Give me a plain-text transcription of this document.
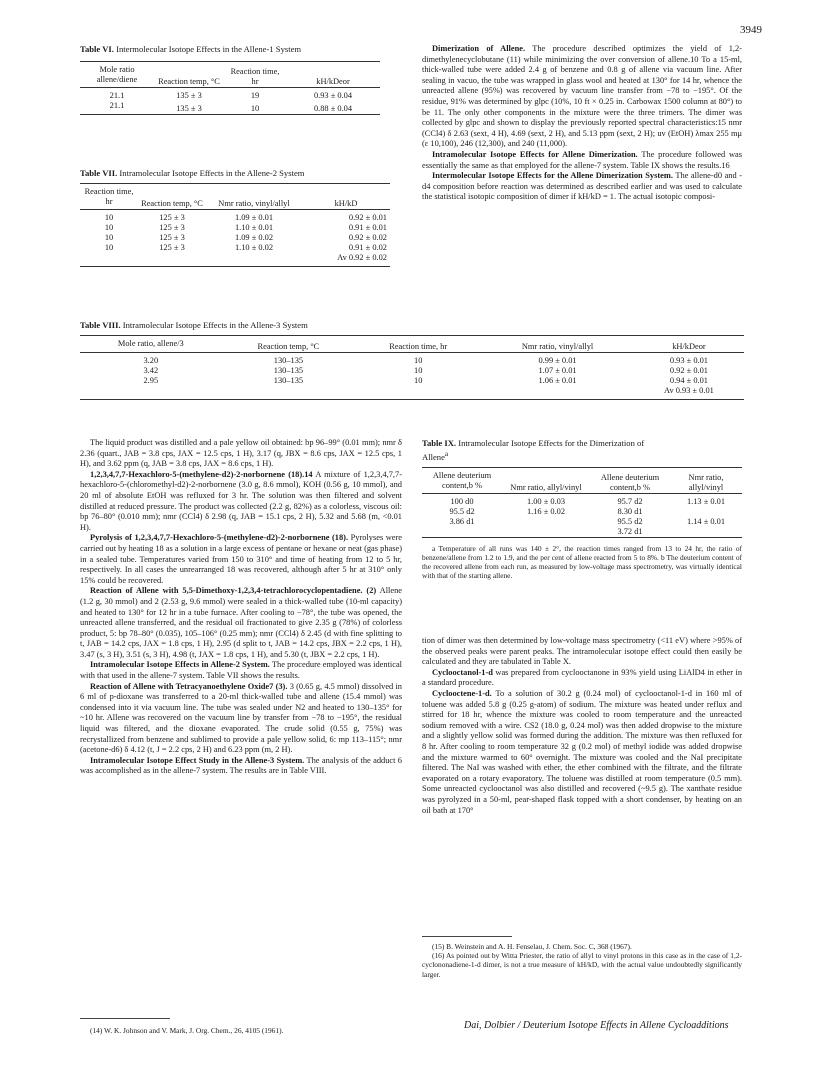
3949

Table VI. Intermolecular Isotope Effects in the Allene-1 System

Mole ratio allene/diene	Reaction temp, °C	Reaction time, hr	kH/kDeor
21.1	135 ± 3	19	0.93 ± 0.04
21.1	135 ± 3	10	0.88 ± 0.04

Table VII. Intramolecular Isotope Effects in the Allene-2 System

Reaction time, hr	Reaction temp, °C	Nmr ratio, vinyl/allyl	kH/kD
10	125 ± 3	1.09 ± 0.01	0.92 ± 0.01
10	125 ± 3	1.10 ± 0.01	0.91 ± 0.01
10	125 ± 3	1.09 ± 0.02	0.92 ± 0.02
10	125 ± 3	1.10 ± 0.02	0.91 ± 0.02
			Av 0.92 ± 0.02

Dimerization of Allene. The procedure described optimizes the yield of 1,2-dimethylenecyclobutane (11) while minimizing the over conversion of allene.10 To a 15-ml, thick-walled tube were added 2.4 g of benzene and 0.8 g of allene via vacuum line. After sealing in vacuo, the tube was wrapped in glass wool and heated at 130° for 14 hr, whence the unreacted allene (95%) was recovered by vacuum line transfer from −78 to −195°. Of the residue, 91% was determined by glpc (10%, 10 ft × 0.25 in. Carbowax 1500 column at 80°) to be 11. The only other components in the mixture were the three trimers. The dimer was collected by glpc and shown to display the previously reported spectral characteristics:15 nmr (CCl4) δ 2.63 (sext, 4 H), 4.69 (sext, 2 H), and 5.13 ppm (sext, 2 H); uv (EtOH) λmax 255 mμ (ε 10,100), 246 (12,300), and 240 (11,000).

Intramolecular Isotope Effects for Allene Dimerization. The procedure followed was essentially the same as that employed for the allene-7 system. Table IX shows the results.16

Intermolecular Isotope Effects for the Allene Dimerization System. The allene-d0 and -d4 composition before reaction was determined as described earlier and was used to calculate the statistical isotopic composition of dimer if kH/kD = 1. The actual isotopic composi-

Table VIII. Intramolecular Isotope Effects in the Allene-3 System

Mole ratio, allene/3	Reaction temp, °C	Reaction time, hr	Nmr ratio, vinyl/allyl	kH/kDeor
3.20	130–135	10	0.99 ± 0.01	0.93 ± 0.01
3.42	130–135	10	1.07 ± 0.01	0.92 ± 0.01
2.95	130–135	10	1.06 ± 0.01	0.94 ± 0.01
				Av 0.93 ± 0.01

The liquid product was distilled and a pale yellow oil obtained: bp 96–99° (0.01 mm); nmr δ 2.36 (quart., JAB = 3.8 cps, JAX = 12.5 cps, 1 H), 3.17 (q, JBX = 8.6 cps, JAX = 12.5 cps, 1 H), and 3.62 ppm (q, JAB = 3.8 cps, JAX = 8.6 cps, 1 H).

1,2,3,4,7,7-Hexachloro-5-(methylene-d2)-2-norbornene (18).14 A mixture of 1,2,3,4,7,7-hexachloro-5-(chloromethyl-d2)-2-norbornene (3.0 g, 8.6 mmol), KOH (0.56 g, 10 mmol), and 20 ml of absolute EtOH was refluxed for 3 hr. The solution was then filtered and solvent distilled at reduced pressure. The product was collected (2.2 g, 82%) as a colorless, viscous oil: bp 76–80° (0.010 mm); nmr (CCl4) δ 2.98 (q, JAB = 15.1 cps, 2 H), 5.32 and 5.68 (m, <0.01 H).

Pyrolysis of 1,2,3,4,7,7-Hexachloro-5-(methylene-d2)-2-norbornene (18). Pyrolyses were carried out by heating 18 as a solution in a large excess of pentane or hexane or neat (gas phase) in a sealed tube. Temperatures varied from 150 to 310° and time of heating from 12 to 5 hr, respectively. In all cases the unrearranged 18 was recovered, although after 5 hr at 310° only 15% could be recovered.

Reaction of Allene with 5,5-Dimethoxy-1,2,3,4-tetrachlorocyclopentadiene. (2) Allene (1.2 g, 30 mmol) and 2 (2.53 g, 9.6 mmol) were sealed in a thick-walled tube (10-ml capacity) and heated to 130° for 12 hr in a tube furnace. After cooling to −78°, the tube was opened, the unreacted allene transferred, and the residual oil fractionated to give 2.35 g (78%) of colorless product, 5: bp 78–80° (0.035), 105–106° (0.25 mm); nmr (CCl4) δ 2.45 (d with fine splitting to t, JAB = 14.2 cps, JAX = 1.8 cps, 1 H), 2.95 (d split to t, JAB = 14.2 cps, JBX = 2.2 cps, 1 H), 3.47 (s, 3 H), 3.51 (s, 3 H), 4.98 (t, JAX = 1.8 cps, 1 H), and 5.30 (t, JBX = 2.2 cps, 1 H).

Intramolecular Isotope Effects in Allene-2 System. The procedure employed was identical with that used in the allene-7 system. Table VII shows the results.

Reaction of Allene with Tetracyanoethylene Oxide7 (3). 3 (0.65 g, 4.5 mmol) dissolved in 6 ml of p-dioxane was transferred to a 20-ml thick-walled tube and allene (15.4 mmol) was condensed into it via vacuum line. The tube was sealed under N2 and heated to 130–135° for ~10 hr. Allene was recovered on the vacuum line by transfer from −78 to −195°, the residual liquid was filtered, and the dioxane evaporated. The crude solid (0.55 g, 75%) was recrystallized from benzene and sublimed to provide a pale yellow solid, 6: mp 113–115°; nmr (acetone-d6) δ 4.12 (t, J = 2.2 cps, 2 H) and 6.23 ppm (m, 2 H).

Intramolecular Isotope Effect Study in the Allene-3 System. The analysis of the adduct 6 was accomplished as in the allene-7 system. The results are in Table VIII.

(14) W. K. Johnson and V. Mark, J. Org. Chem., 26, 4105 (1961).

Table IX. Intramolecular Isotope Effects for the Dimerization of Allene$^a$

Allene deuterium content,b %	Nmr ratio, allyl/vinyl	Allene deuterium content,b %	Nmr ratio, allyl/vinyl
100 d0	1.00 ± 0.03	95.7 d2	1.13 ± 0.01
95.5 d2	1.16 ± 0.02	8.30 d1	
3.86 d1		95.5 d2	1.14 ± 0.01
		3.72 d1	

a Temperature of all runs was 140 ± 2°, the reaction times ranged from 13 to 24 hr, the ratio of benzene/allene from 1.2 to 1.9, and the per cent of allene reacted from 5 to 8%. b The deuterium content of the recovered allene from each run, as measured by low-voltage mass spectrometry, was virtually identical with that of the starting allene.

tion of dimer was then determined by low-voltage mass spectrometry (<11 eV) where >95% of the observed peaks were parent peaks. The intramolecular isotope effect could then easily be calculated and they are tabulated in Table X.

Cyclooctanol-1-d was prepared from cyclooctanone in 93% yield using LiAlD4 in ether in a standard procedure.

Cyclooctene-1-d. To a solution of 30.2 g (0.24 mol) of cyclooctanol-1-d in 160 ml of toluene was added 5.8 g (0.25 g-atom) of sodium. The mixture was heated under reflux and stirred for 18 hr, whence the mixture was cooled to room temperature and the unreacted sodium removed with a wire. CS2 (18.0 g, 0.24 mol) was then added dropwise to the mixture and a slightly yellow solid was formed during the addition. The mixture was then refluxed for 8 hr. After cooling to room temperature 32 g (0.2 mol) of methyl iodide was added dropwise and the mixture warmed to 60° overnight. The mixture was cooled and the NaI precipitate filtered. The NaI was washed with ether, the ether combined with the filtrate, and the filtrate evaporated on a rotary evaporatory. The toluene was distilled at room temperature (0.5 mm). Some unreacted cyclooctanol was also distilled and recovered (~9.5 g). The xanthate residue was pyrolyzed in a 50-ml, pear-shaped flask topped with a short condenser, by heating on an oil bath at 170°

(15) B. Weinstein and A. H. Fenselau, J. Chem. Soc. C, 368 (1967).

(16) As pointed out by Witta Priester, the ratio of allyl to vinyl protons in this case as in the case of 1,2-cyclononadiene-1-d dimer, is not a true measure of kH/kD, with the actual value undoubtedly significantly larger.

Dai, Dolbier / Deuterium Isotope Effects in Allene Cycloadditions
